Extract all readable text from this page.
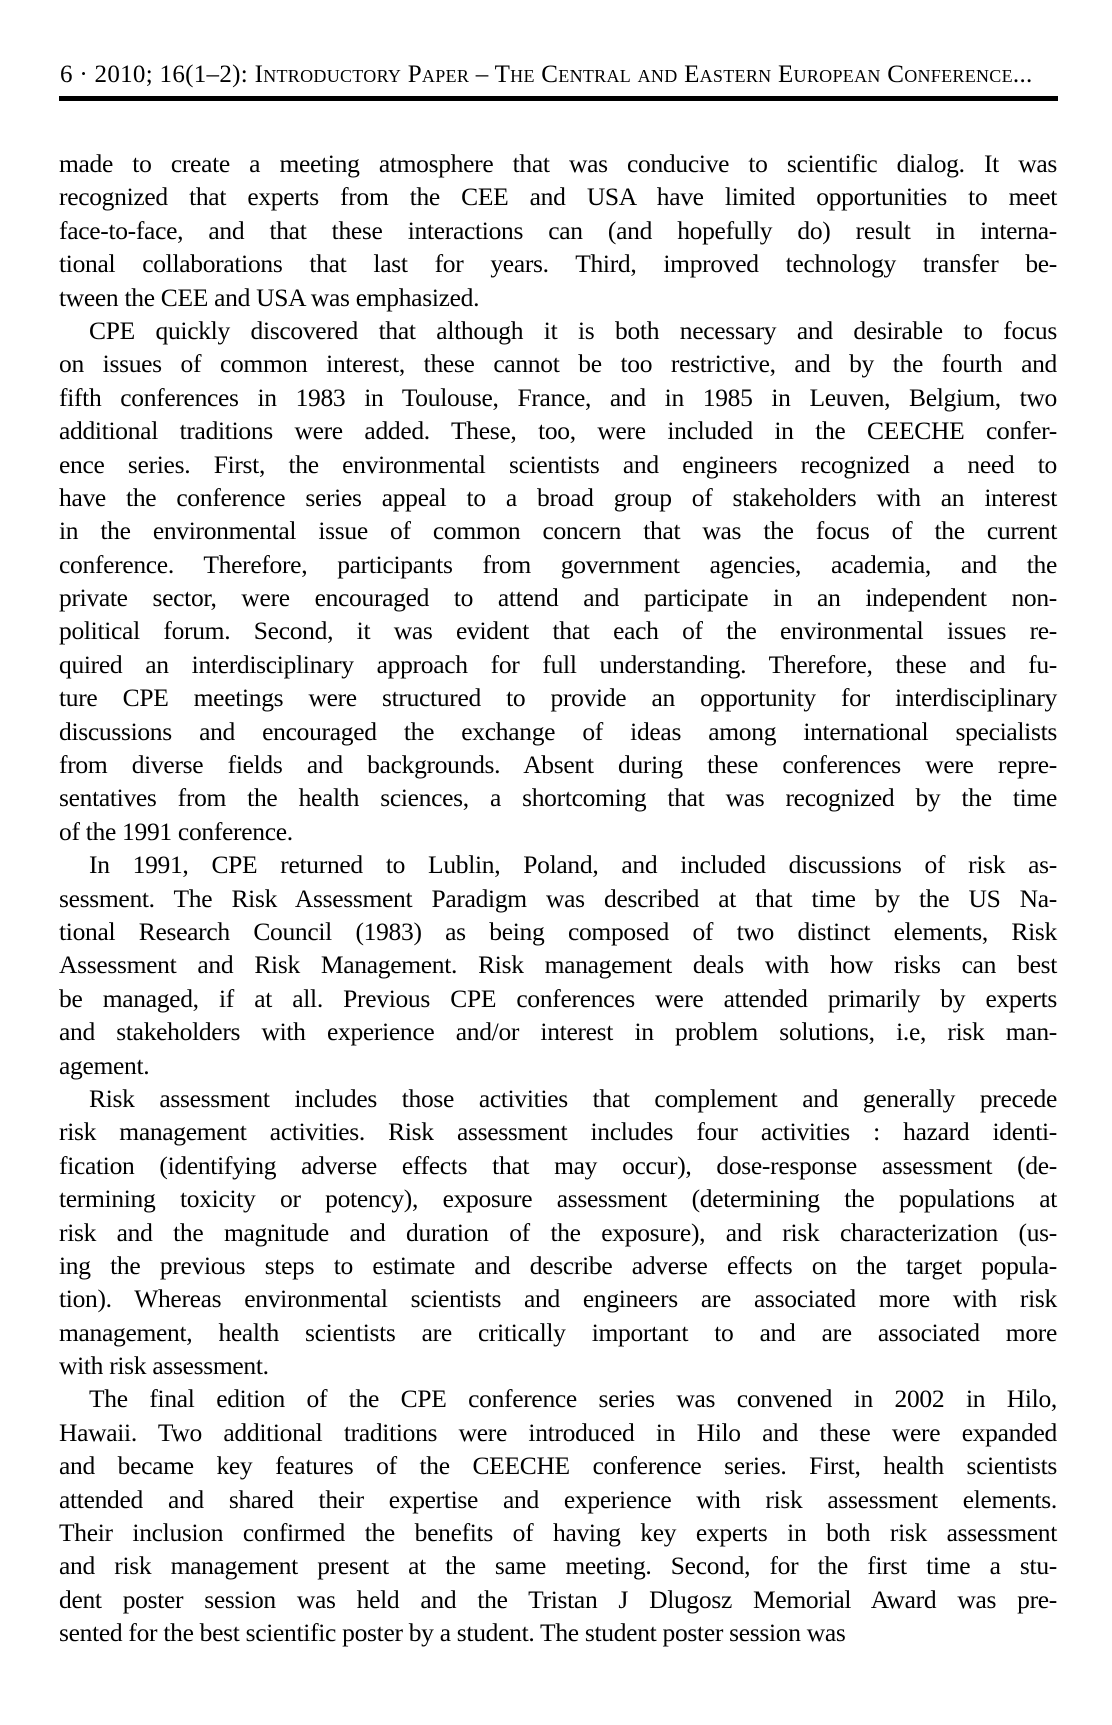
6 · 2010; 16(1–2): Introductory Paper – The Central and Eastern European Conference...
made to create a meeting atmosphere that was conducive to scientific dialog. It was
recognized that experts from the CEE and USA have limited opportunities to meet
face-to-face, and that these interactions can (and hopefully do) result in interna-
tional collaborations that last for years. Third, improved technology transfer be-
tween the CEE and USA was emphasized.
CPE quickly discovered that although it is both necessary and desirable to focus
on issues of common interest, these cannot be too restrictive, and by the fourth and
fifth conferences in 1983 in Toulouse, France, and in 1985 in Leuven, Belgium, two
additional traditions were added. These, too, were included in the CEECHE confer-
ence series. First, the environmental scientists and engineers recognized a need to
have the conference series appeal to a broad group of stakeholders with an interest
in the environmental issue of common concern that was the focus of the current
conference. Therefore, participants from government agencies, academia, and the
private sector, were encouraged to attend and participate in an independent non-
political forum. Second, it was evident that each of the environmental issues re-
quired an interdisciplinary approach for full understanding. Therefore, these and fu-
ture CPE meetings were structured to provide an opportunity for interdisciplinary
discussions and encouraged the exchange of ideas among international specialists
from diverse fields and backgrounds. Absent during these conferences were repre-
sentatives from the health sciences, a shortcoming that was recognized by the time
of the 1991 conference.
In 1991, CPE returned to Lublin, Poland, and included discussions of risk as-
sessment. The Risk Assessment Paradigm was described at that time by the US Na-
tional Research Council (1983) as being composed of two distinct elements, Risk
Assessment and Risk Management. Risk management deals with how risks can best
be managed, if at all. Previous CPE conferences were attended primarily by experts
and stakeholders with experience and/or interest in problem solutions, i.e, risk man-
agement.
Risk assessment includes those activities that complement and generally precede
risk management activities. Risk assessment includes four activities : hazard identi-
fication (identifying adverse effects that may occur), dose-response assessment (de-
termining toxicity or potency), exposure assessment (determining the populations at
risk and the magnitude and duration of the exposure), and risk characterization (us-
ing the previous steps to estimate and describe adverse effects on the target popula-
tion). Whereas environmental scientists and engineers are associated more with risk
management, health scientists are critically important to and are associated more
with risk assessment.
The final edition of the CPE conference series was convened in 2002 in Hilo,
Hawaii. Two additional traditions were introduced in Hilo and these were expanded
and became key features of the CEECHE conference series. First, health scientists
attended and shared their expertise and experience with risk assessment elements.
Their inclusion confirmed the benefits of having key experts in both risk assessment
and risk management present at the same meeting. Second, for the first time a stu-
dent poster session was held and the Tristan J Dlugosz Memorial Award was pre-
sented for the best scientific poster by a student. The student poster session was
